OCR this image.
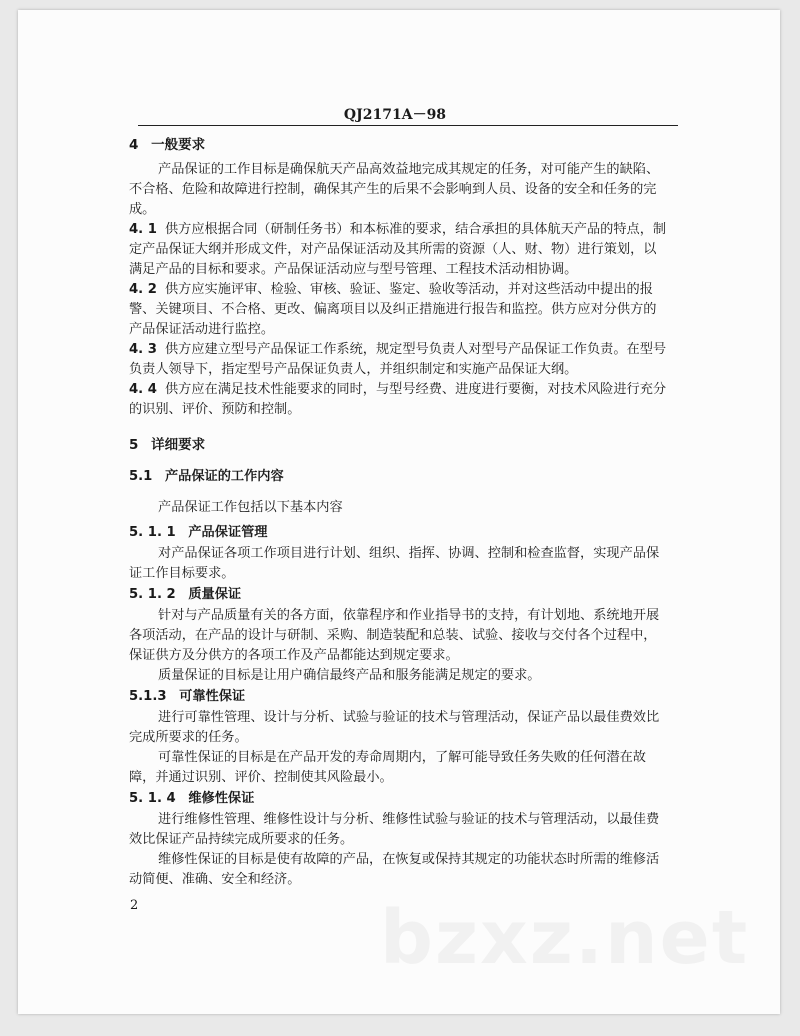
QJ2171A－98

4 一般要求

产品保证的工作目标是确保航天产品高效益地完成其规定的任务，对可能产生的缺陷、不合格、危险和故障进行控制，确保其产生的后果不会影响到人员、设备的安全和任务的完成。

4. 1 供方应根据合同（研制任务书）和本标准的要求，结合承担的具体航天产品的特点，制定产品保证大纲并形成文件，对产品保证活动及其所需的资源（人、财、物）进行策划，以满足产品的目标和要求。产品保证活动应与型号管理、工程技术活动相协调。

4. 2 供方应实施评审、检验、审核、验证、鉴定、验收等活动，并对这些活动中提出的报警、关键项目、不合格、更改、偏离项目以及纠正措施进行报告和监控。供方应对分供方的产品保证活动进行监控。

4. 3 供方应建立型号产品保证工作系统，规定型号负责人对型号产品保证工作负责。在型号负责人领导下，指定型号产品保证负责人，并组织制定和实施产品保证大纲。

4. 4 供方应在满足技术性能要求的同时，与型号经费、进度进行要衡，对技术风险进行充分的识别、评价、预防和控制。

5 详细要求

5.1 产品保证的工作内容

产品保证工作包括以下基本内容

5. 1. 1 产品保证管理

对产品保证各项工作项目进行计划、组织、指挥、协调、控制和检查监督，实现产品保证工作目标要求。

5. 1. 2 质量保证

针对与产品质量有关的各方面，依靠程序和作业指导书的支持，有计划地、系统地开展各项活动，在产品的设计与研制、采购、制造装配和总装、试验、接收与交付各个过程中，保证供方及分供方的各项工作及产品都能达到规定要求。

质量保证的目标是让用户确信最终产品和服务能满足规定的要求。

5.1.3 可靠性保证

进行可靠性管理、设计与分析、试验与验证的技术与管理活动，保证产品以最佳费效比完成所要求的任务。

可靠性保证的目标是在产品开发的寿命周期内，了解可能导致任务失败的任何潜在故障，并通过识别、评价、控制使其风险最小。

5. 1. 4 维修性保证

进行维修性管理、维修性设计与分析、维修性试验与验证的技术与管理活动，以最佳费效比保证产品持续完成所要求的任务。

维修性保证的目标是使有故障的产品，在恢复或保持其规定的功能状态时所需的维修活动简便、准确、安全和经济。

2	bzxz.net
